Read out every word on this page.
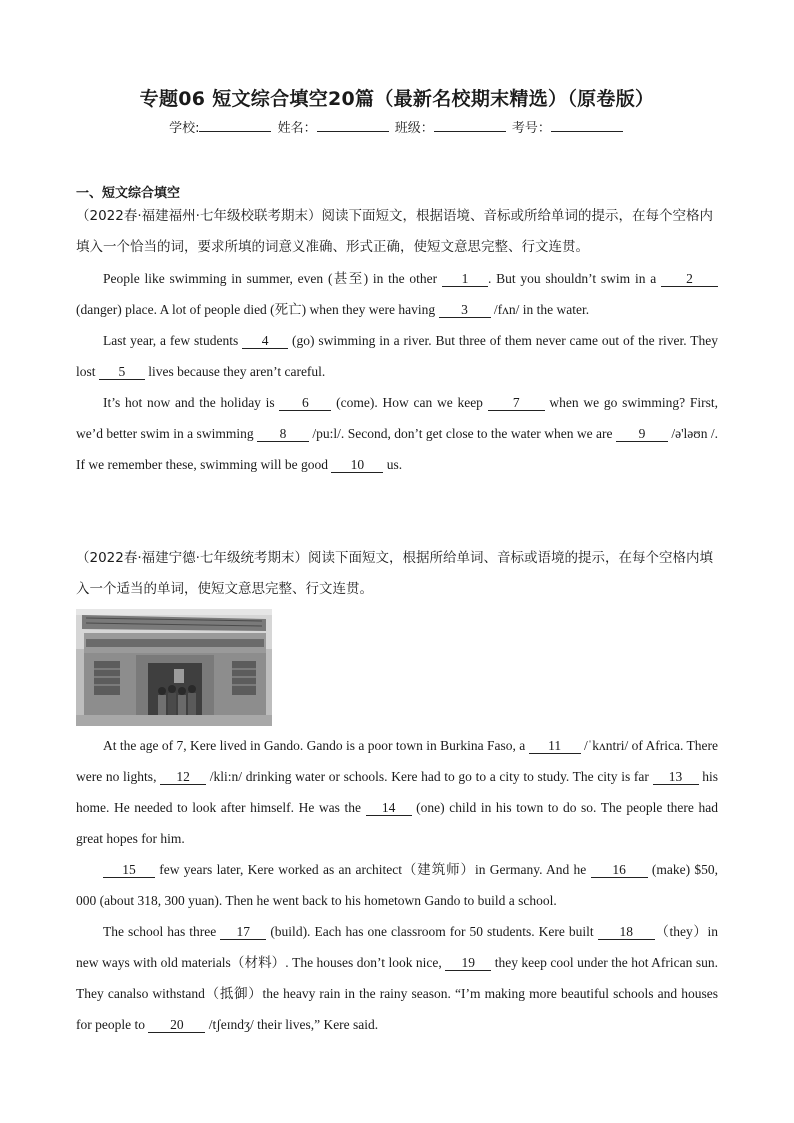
专题06 短文综合填空20篇（最新名校期末精选）（原卷版）
学校:	姓名：	班级：	考号：
一、短文综合填空

（2022春·福建福州·七年级校联考期末）阅读下面短文，根据语境、音标或所给单词的提示，在每个空格内填入一个恰当的词，要求所填的词意义准确、形式正确，使短文意思完整、行文连贯。

People like swimming in summer, even (甚至) in the other 1 . But you shouldn’t swim in a 2 (danger) place. A lot of people died (死亡) when they were having 3 /fʌn/ in the water.

Last year, a few students 4 (go) swimming in a river. But three of them never came out of the river. They lost 5 lives because they aren’t careful.

It’s hot now and the holiday is 6 (come). How can we keep 7 when we go swimming? First, we’d better swim in a swimming 8 /pu:l/. Second, don’t get close to the water when we are 9 /ə'ləʊn /. If we remember these, swimming will be good 10 us.

（2022春·福建宁德·七年级统考期末）阅读下面短文，根据所给单词、音标或语境的提示，在每个空格内填入一个适当的单词，使短文意思完整、行文连贯。

At the age of 7, Kere lived in Gando. Gando is a poor town in Burkina Faso, a 11 /ˈkʌntri/ of Africa. There were no lights, 12 /kli:n/ drinking water or schools. Kere had to go to a city to study. The city is far 13 his home. He needed to look after himself. He was the 14 (one) child in his town to do so. The people there had great hopes for him.

15 few years later, Kere worked as an architect（建筑师）in Germany. And he 16 (make) $50, 000 (about 318, 300 yuan). Then he went back to his hometown Gando to build a school.

The school has three 17 (build). Each has one classroom for 50 students. Kere built 18 （they）in new ways with old materials（材料）. The houses don’t look nice, 19 they keep cool under the hot African sun. They canalso withstand（抵御）the heavy rain in the rainy season. “I’m making more beautiful schools and houses for people to 20 /tʃeɪndʒ/ their lives,” Kere said.
